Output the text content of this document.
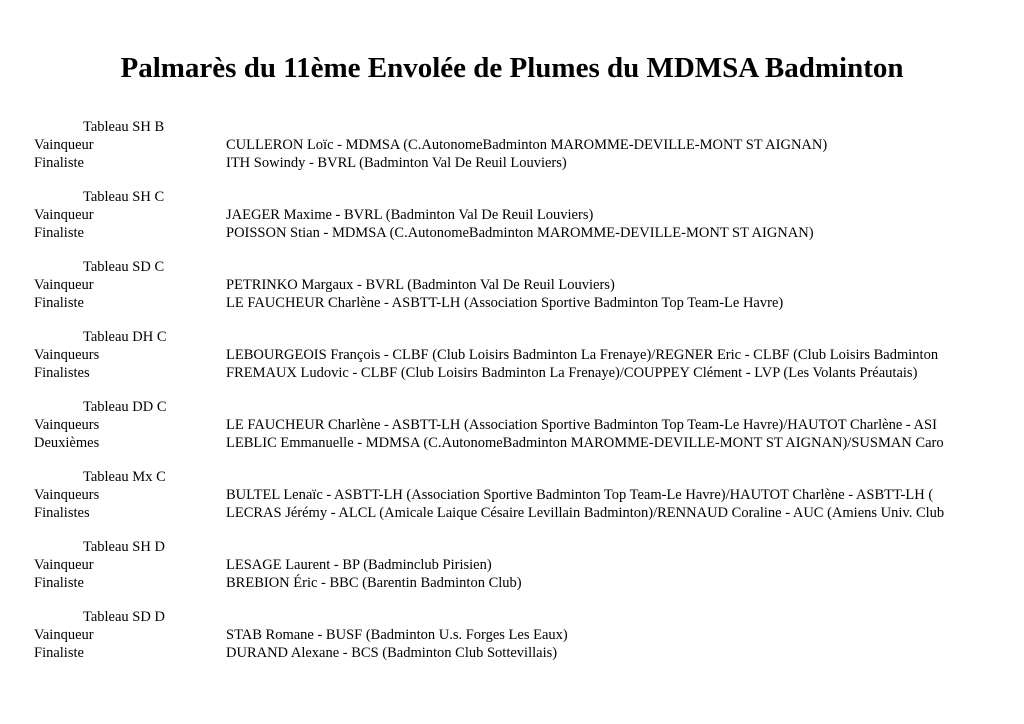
Palmarès du 11ème Envolée de Plumes du MDMSA Badminton
Tableau SH B
Vainqueur	CULLERON Loïc - MDMSA (C.AutonomeBadminton MAROMME-DEVILLE-MONT ST AIGNAN)
Finaliste	ITH Sowindy - BVRL (Badminton Val De Reuil Louviers)
Tableau SH C
Vainqueur	JAEGER Maxime - BVRL (Badminton Val De Reuil Louviers)
Finaliste	POISSON Stian - MDMSA (C.AutonomeBadminton MAROMME-DEVILLE-MONT ST AIGNAN)
Tableau SD C
Vainqueur	PETRINKO Margaux - BVRL (Badminton Val De Reuil Louviers)
Finaliste	LE FAUCHEUR Charlène - ASBTT-LH (Association Sportive Badminton Top Team-Le Havre)
Tableau DH C
Vainqueurs	LEBOURGEOIS François - CLBF (Club Loisirs Badminton La Frenaye)/REGNER Eric - CLBF (Club Loisirs Badminton
Finalistes	FREMAUX Ludovic - CLBF (Club Loisirs Badminton La Frenaye)/COUPPEY Clément - LVP (Les Volants Préautais)
Tableau DD C
Vainqueurs	LE FAUCHEUR Charlène - ASBTT-LH (Association Sportive Badminton Top Team-Le Havre)/HAUTOT Charlène - ASI
Deuxièmes	LEBLIC Emmanuelle - MDMSA (C.AutonomeBadminton MAROMME-DEVILLE-MONT ST AIGNAN)/SUSMAN Caro
Tableau Mx C
Vainqueurs	BULTEL Lenaïc - ASBTT-LH (Association Sportive Badminton Top Team-Le Havre)/HAUTOT Charlène - ASBTT-LH (
Finalistes	LECRAS Jérémy - ALCL (Amicale Laique Césaire Levillain Badminton)/RENNAUD Coraline - AUC (Amiens Univ. Club
Tableau SH D
Vainqueur	LESAGE Laurent - BP (Badminclub Pirisien)
Finaliste	BREBION Éric - BBC (Barentin Badminton Club)
Tableau SD D
Vainqueur	STAB Romane - BUSF (Badminton U.s. Forges Les Eaux)
Finaliste	DURAND Alexane - BCS (Badminton Club Sottevillais)
